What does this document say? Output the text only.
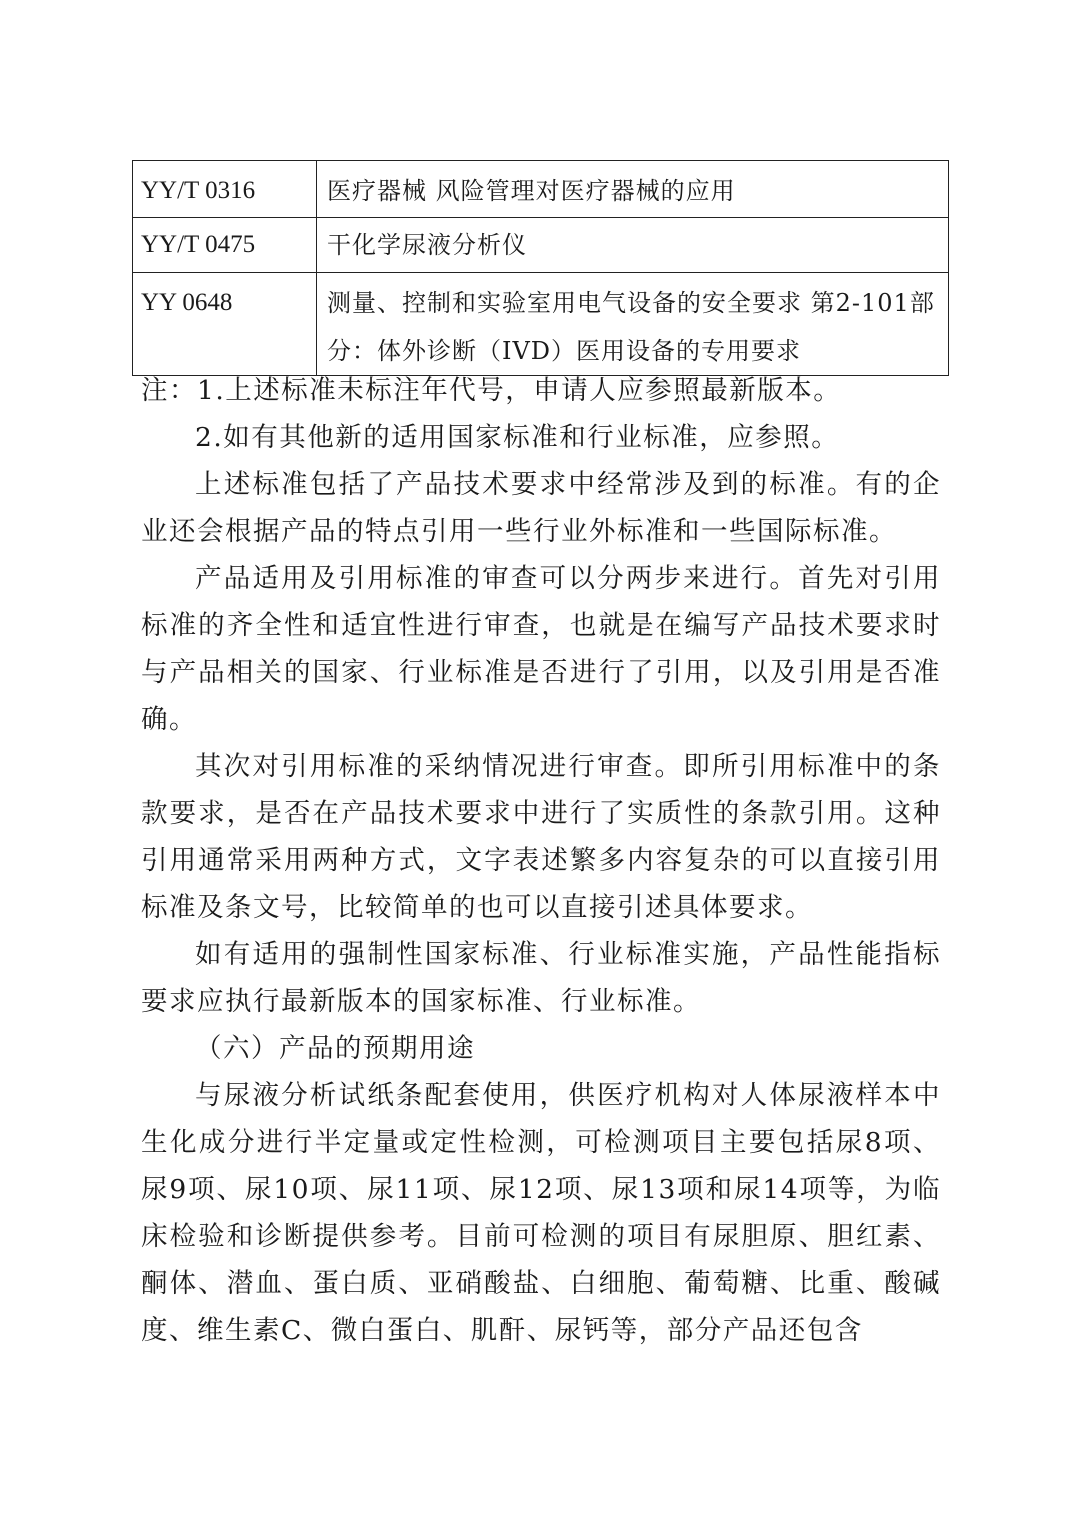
YY/T 0316	医疗器械 风险管理对医疗器械的应用
YY/T 0475	干化学尿液分析仪
YY 0648	测量、控制和实验室用电气设备的安全要求 第2-101部
分：体外诊断（IVD）医用设备的专用要求

注：1.上述标准未标注年代号，申请人应参照最新版本。

2.如有其他新的适用国家标准和行业标准，应参照。

上述标准包括了产品技术要求中经常涉及到的标准。有的企业还会根据产品的特点引用一些行业外标准和一些国际标准。

产品适用及引用标准的审查可以分两步来进行。首先对引用标准的齐全性和适宜性进行审查，也就是在编写产品技术要求时与产品相关的国家、行业标准是否进行了引用，以及引用是否准确。

其次对引用标准的采纳情况进行审查。即所引用标准中的条款要求，是否在产品技术要求中进行了实质性的条款引用。这种引用通常采用两种方式，文字表述繁多内容复杂的可以直接引用标准及条文号，比较简单的也可以直接引述具体要求。

如有适用的强制性国家标准、行业标准实施，产品性能指标要求应执行最新版本的国家标准、行业标准。

（六）产品的预期用途

与尿液分析试纸条配套使用，供医疗机构对人体尿液样本中生化成分进行半定量或定性检测，可检测项目主要包括尿8项、尿9项、尿10项、尿11项、尿12项、尿13项和尿14项等，为临床检验和诊断提供参考。目前可检测的项目有尿胆原、胆红素、酮体、潜血、蛋白质、亚硝酸盐、白细胞、葡萄糖、比重、酸碱度、维生素C、微白蛋白、肌酐、尿钙等，部分产品还包含
